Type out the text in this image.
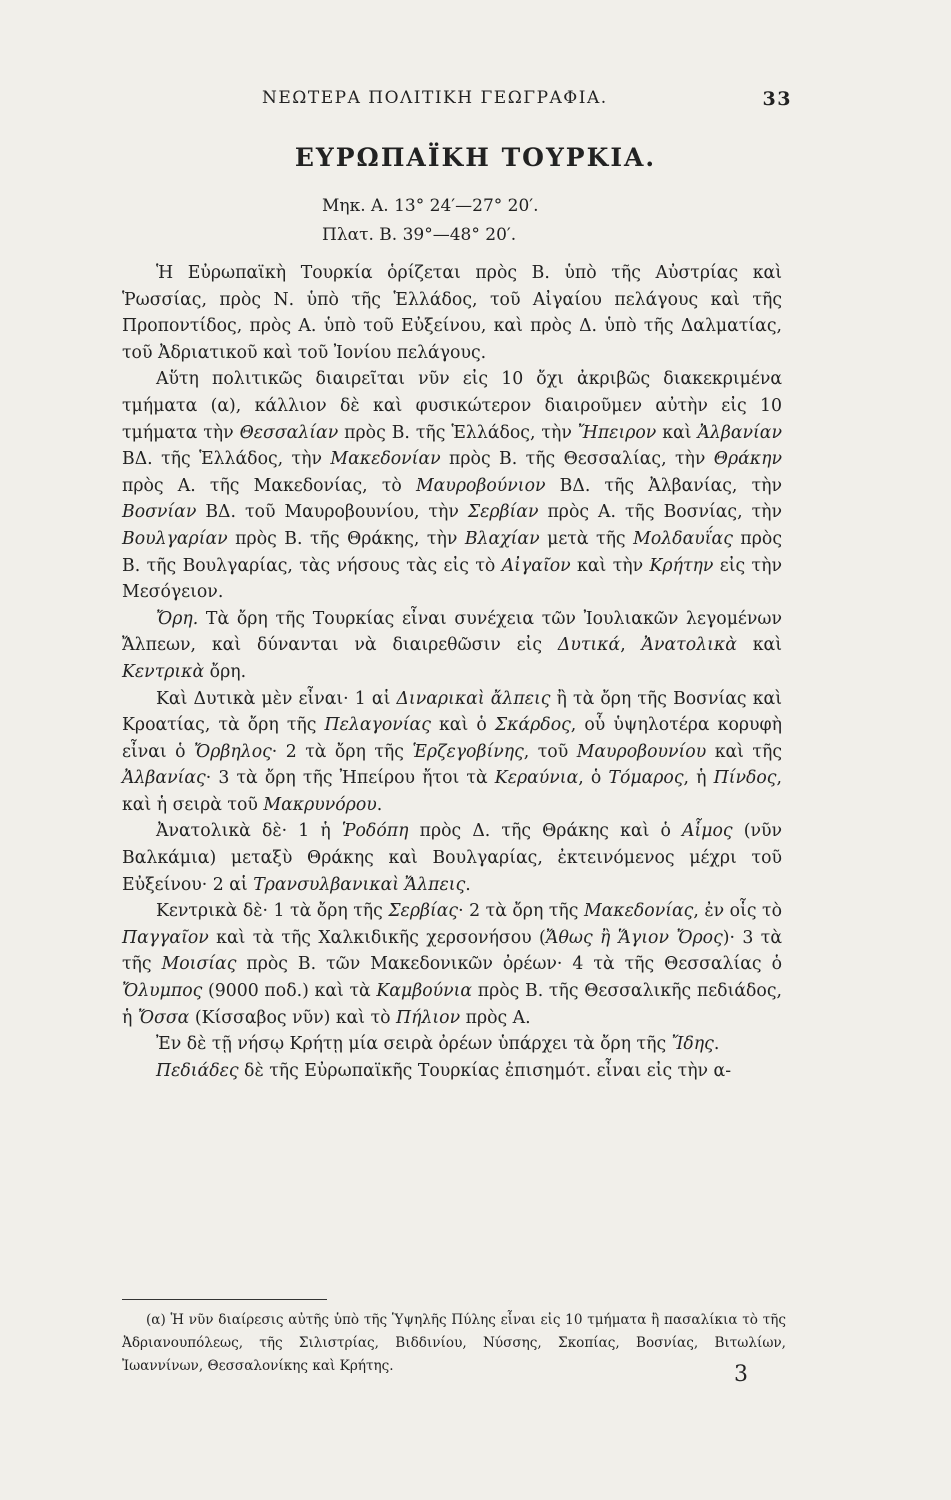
ΝΕΩΤΕΡΑ ΠΟΛΙΤΙΚΗ ΓΕΩΓΡΑΦΙΑ.	33
ΕΥΡΩΠΑΪΚΗ ΤΟΥΡΚΙΑ.
Μηκ. Α. 13° 24′—27° 20′.
Πλατ. Β. 39°—48° 20′.

Ἡ Εὐρωπαϊκὴ Τουρκία ὁρίζεται πρὸς Β. ὑπὸ τῆς Αὐστρίας καὶ Ῥωσσίας, πρὸς Ν. ὑπὸ τῆς Ἑλλάδος, τοῦ Αἰγαίου πελάγους καὶ τῆς Προποντίδος, πρὸς Α. ὑπὸ τοῦ Εὐξείνου, καὶ πρὸς Δ. ὑπὸ τῆς Δαλματίας, τοῦ Ἀδριατικοῦ καὶ τοῦ Ἰονίου πελάγους.

Αὕτη πολιτικῶς διαιρεῖται νῦν εἰς 10 ὄχι ἀκριβῶς διακεκριμένα τμήματα (α), κάλλιον δὲ καὶ φυσικώτερον διαιροῦμεν αὐτὴν εἰς 10 τμήματα τὴν Θεσσαλίαν πρὸς Β. τῆς Ἑλλάδος, τὴν Ἤπειρον καὶ Ἀλβανίαν ΒΔ. τῆς Ἑλλάδος, τὴν Μακεδονίαν πρὸς Β. τῆς Θεσσαλίας, τὴν Θράκην πρὸς Α. τῆς Μακεδονίας, τὸ Μαυροβούνιον ΒΔ. τῆς Ἀλβανίας, τὴν Βοσνίαν ΒΔ. τοῦ Μαυροβουνίου, τὴν Σερβίαν πρὸς Α. τῆς Βοσνίας, τὴν Βουλγαρίαν πρὸς Β. τῆς Θράκης, τὴν Βλαχίαν μετὰ τῆς Μολδαυΐας πρὸς Β. τῆς Βουλγαρίας, τὰς νήσους τὰς εἰς τὸ Αἰγαῖον καὶ τὴν Κρήτην εἰς τὴν Μεσόγειον.

Ὄρη. Τὰ ὄρη τῆς Τουρκίας εἶναι συνέχεια τῶν Ἰουλιακῶν λεγομένων Ἄλπεων, καὶ δύνανται νὰ διαιρεθῶσιν εἰς Δυτικά, Ἀνατολικὰ καὶ Κεντρικὰ ὄρη.

Καὶ Δυτικὰ μὲν εἶναι· 1 αἱ Διναρικαὶ ἄλπεις ἢ τὰ ὄρη τῆς Βοσνίας καὶ Κροατίας, τὰ ὄρη τῆς Πελαγονίας καὶ ὁ Σκάρδος, οὗ ὑψηλοτέρα κορυφὴ εἶναι ὁ Ὄρβηλος· 2 τὰ ὄρη τῆς Ἑρζεγοβίνης, τοῦ Μαυροβουνίου καὶ τῆς Ἀλβανίας· 3 τὰ ὄρη τῆς Ἠπείρου ἤτοι τὰ Κεραύνια, ὁ Τόμαρος, ἡ Πίνδος, καὶ ἡ σειρὰ τοῦ Μακρυνόρου.

Ἀνατολικὰ δὲ· 1 ἡ Ῥοδόπη πρὸς Δ. τῆς Θράκης καὶ ὁ Αἷμος (νῦν Βαλκάμια) μεταξὺ Θράκης καὶ Βουλγαρίας, ἐκτεινόμενος μέχρι τοῦ Εὐξείνου· 2 αἱ Τρανσυλβανικαὶ Ἄλπεις.

Κεντρικὰ δὲ· 1 τὰ ὄρη τῆς Σερβίας· 2 τὰ ὄρη τῆς Μακεδονίας, ἐν οἷς τὸ Παγγαῖον καὶ τὰ τῆς Χαλκιδικῆς χερσονήσου (Ἄθως ἢ Ἅγιον Ὄρος)· 3 τὰ τῆς Μοισίας πρὸς Β. τῶν Μακεδονικῶν ὀρέων· 4 τὰ τῆς Θεσσαλίας ὁ Ὄλυμπος (9000 ποδ.) καὶ τὰ Καμβούνια πρὸς Β. τῆς Θεσσαλικῆς πεδιάδος, ἡ Ὄσσα (Κίσσαβος νῦν) καὶ τὸ Πήλιον πρὸς Α.

Ἐν δὲ τῇ νήσῳ Κρήτῃ μία σειρὰ ὀρέων ὑπάρχει τὰ ὄρη τῆς Ἴδης.

Πεδιάδες δὲ τῆς Εὐρωπαϊκῆς Τουρκίας ἐπισημότ. εἶναι εἰς τὴν α-

(α) Ἡ νῦν διαίρεσις αὐτῆς ὑπὸ τῆς Ὑψηλῆς Πύλης εἶναι εἰς 10 τμήματα ἢ πασαλίκια τὸ τῆς Ἀδριανουπόλεως, τῆς Σιλιστρίας, Βιδδινίου, Νύσσης, Σκοπίας, Βοσνίας, Βιτωλίων, Ἰωαννίνων, Θεσσαλονίκης καὶ Κρήτης.	3
